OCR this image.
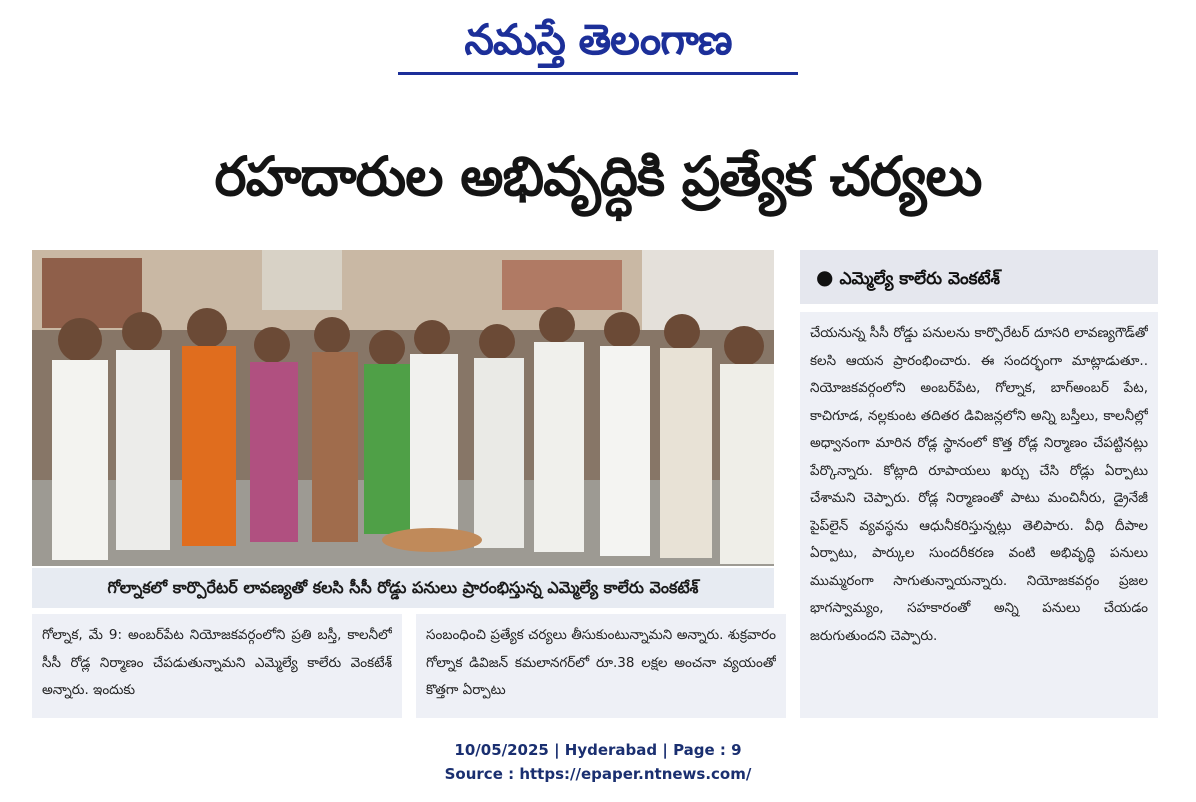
నమస్తే తెలంగాణ
రహదారుల అభివృద్ధికి ప్రత్యేక చర్యలు
గోల్నాకలో కార్పొరేటర్ లావణ్యతో కలసి సీసీ రోడ్డు పనులు ప్రారంభిస్తున్న ఎమ్మెల్యే కాలేరు వెంకటేశ్
● ఎమ్మెల్యే కాలేరు వెంకటేశ్

చేయనున్న సీసీ రోడ్డు పనులను కార్పొరేటర్ దూసరి లావణ్యగౌడ్‌తో కలసి ఆయన ప్రారంభించారు. ఈ సందర్భంగా మాట్లాడుతూ.. నియోజకవర్గంలోని అంబర్‌పేట, గోల్నాక, బాగ్‌అంబర్ పేట, కాచిగూడ, నల్లకుంట తదితర డివిజన్లలోని అన్ని బస్తీలు, కాలనీల్లో అధ్వానంగా మారిన రోడ్ల స్థానంలో కొత్త రోడ్ల నిర్మాణం చేపట్టినట్లు పేర్కొన్నారు. కోట్లాది రూపాయలు ఖర్చు చేసి రోడ్లు ఏర్పాటు చేశామని చెప్పారు. రోడ్ల నిర్మాణంతో పాటు మంచినీరు, డ్రైనేజీ పైప్‌లైన్ వ్యవస్థను ఆధునీకరిస్తున్నట్లు తెలిపారు. వీధి దీపాల ఏర్పాటు, పార్కుల సుందరీకరణ వంటి అభివృద్ధి పనులు ముమ్మరంగా సాగుతున్నాయన్నారు. నియోజకవర్గం ప్రజల భాగస్వామ్యం, సహకారంతో అన్ని పనులు చేయడం జరుగుతుందని చెప్పారు.

గోల్నాక, మే 9: అంబర్‌పేట నియోజకవర్గంలోని ప్రతి బస్తీ, కాలనీలో సీసీ రోడ్ల నిర్మాణం చేపడుతున్నామని ఎమ్మెల్యే కాలేరు వెంకటేశ్ అన్నారు. ఇందుకు

సంబంధించి ప్రత్యేక చర్యలు తీసుకుంటున్నామని అన్నారు. శుక్రవారం గోల్నాక డివిజన్ కమలానగర్‌లో రూ.38 లక్షల అంచనా వ్యయంతో కొత్తగా ఏర్పాటు

10/05/2025 | Hyderabad | Page : 9
Source : https://epaper.ntnews.com/
